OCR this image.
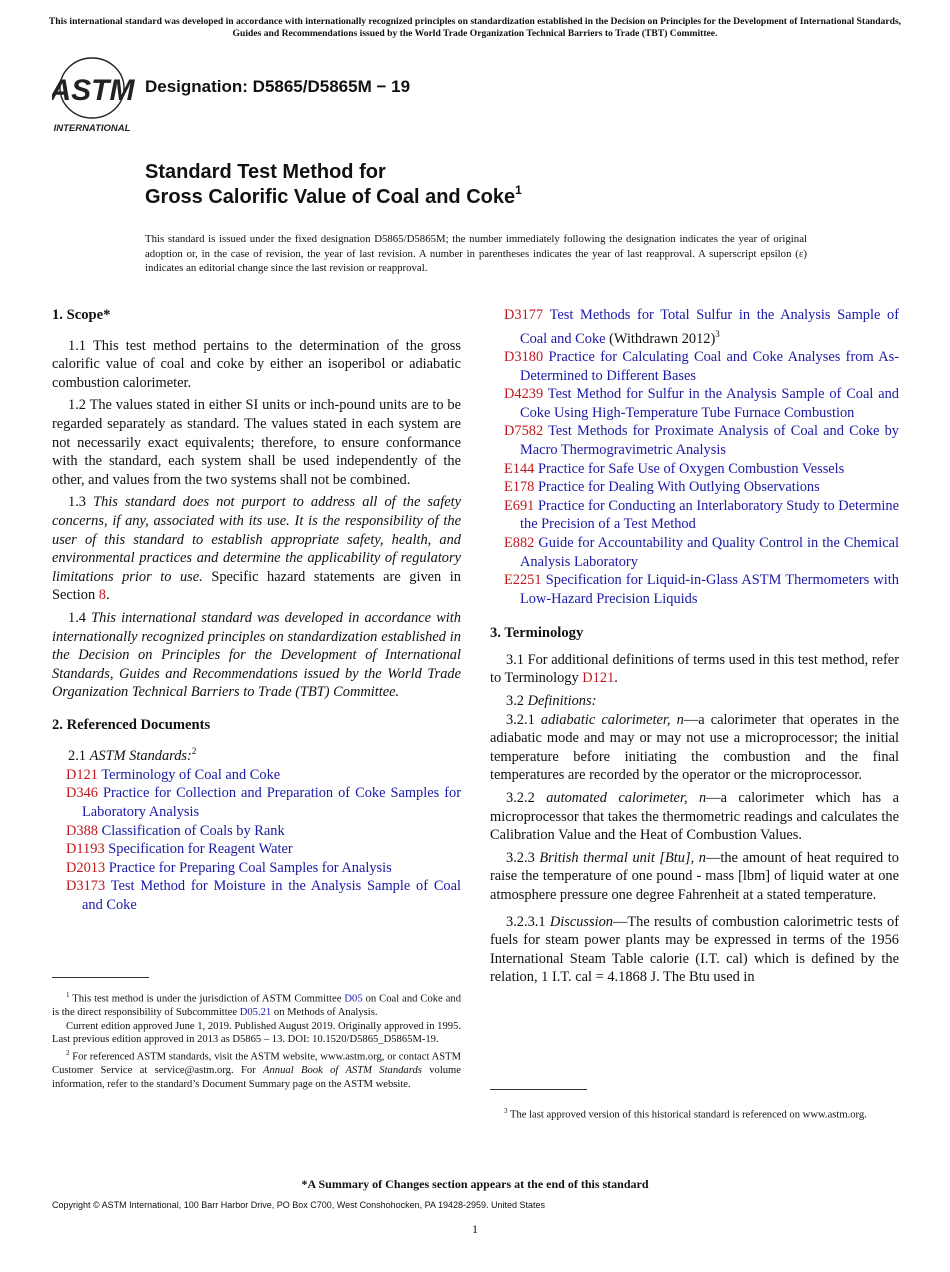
This international standard was developed in accordance with internationally recognized principles on standardization established in the Decision on Principles for the Development of International Standards, Guides and Recommendations issued by the World Trade Organization Technical Barriers to Trade (TBT) Committee.
ASTM
INTERNATIONAL
Designation: D5865/D5865M − 19
Standard Test Method for
Gross Calorific Value of Coal and Coke$^1$
This standard is issued under the fixed designation D5865/D5865M; the number immediately following the designation indicates the year of original adoption or, in the case of revision, the year of last revision. A number in parentheses indicates the year of last reapproval. A superscript epsilon (ε) indicates an editorial change since the last revision or reapproval.
1. Scope*
1.1 This test method pertains to the determination of the gross calorific value of coal and coke by either an isoperibol or adiabatic combustion calorimeter.
1.2 The values stated in either SI units or inch-pound units are to be regarded separately as standard. The values stated in each system are not necessarily exact equivalents; therefore, to ensure conformance with the standard, each system shall be used independently of the other, and values from the two systems shall not be combined.
1.3 This standard does not purport to address all of the safety concerns, if any, associated with its use. It is the responsibility of the user of this standard to establish appropriate safety, health, and environmental practices and determine the applicability of regulatory limitations prior to use. Specific hazard statements are given in Section 8.
1.4 This international standard was developed in accordance with internationally recognized principles on standardization established in the Decision on Principles for the Development of International Standards, Guides and Recommendations issued by the World Trade Organization Technical Barriers to Trade (TBT) Committee.
2. Referenced Documents
2.1 ASTM Standards:$^2$
D121 Terminology of Coal and Coke
D346 Practice for Collection and Preparation of Coke Samples for Laboratory Analysis
D388 Classification of Coals by Rank
D1193 Specification for Reagent Water
D2013 Practice for Preparing Coal Samples for Analysis
D3173 Test Method for Moisture in the Analysis Sample of Coal and Coke
D3177 Test Methods for Total Sulfur in the Analysis Sample of Coal and Coke (Withdrawn 2012)$^3$
D3180 Practice for Calculating Coal and Coke Analyses from As-Determined to Different Bases
D4239 Test Method for Sulfur in the Analysis Sample of Coal and Coke Using High-Temperature Tube Furnace Combustion
D7582 Test Methods for Proximate Analysis of Coal and Coke by Macro Thermogravimetric Analysis
E144 Practice for Safe Use of Oxygen Combustion Vessels
E178 Practice for Dealing With Outlying Observations
E691 Practice for Conducting an Interlaboratory Study to Determine the Precision of a Test Method
E882 Guide for Accountability and Quality Control in the Chemical Analysis Laboratory
E2251 Specification for Liquid-in-Glass ASTM Thermometers with Low-Hazard Precision Liquids
3. Terminology
3.1 For additional definitions of terms used in this test method, refer to Terminology D121.
3.2 Definitions:
3.2.1 adiabatic calorimeter, n—a calorimeter that operates in the adiabatic mode and may or may not use a microprocessor; the initial temperature before initiating the combustion and the final temperatures are recorded by the operator or the microprocessor.
3.2.2 automated calorimeter, n—a calorimeter which has a microprocessor that takes the thermometric readings and calculates the Calibration Value and the Heat of Combustion Values.
3.2.3 British thermal unit [Btu], n—the amount of heat required to raise the temperature of one pound - mass [lbm] of liquid water at one atmosphere pressure one degree Fahrenheit at a stated temperature.
3.2.3.1 Discussion—The results of combustion calorimetric tests of fuels for steam power plants may be expressed in terms of the 1956 International Steam Table calorie (I.T. cal) which is defined by the relation, 1 I.T. cal = 4.1868 J. The Btu used in

$^1$ This test method is under the jurisdiction of ASTM Committee D05 on Coal and Coke and is the direct responsibility of Subcommittee D05.21 on Methods of Analysis.

Current edition approved June 1, 2019. Published August 2019. Originally approved in 1995. Last previous edition approved in 2013 as D5865 – 13. DOI: 10.1520/D5865_D5865M-19.

$^2$ For referenced ASTM standards, visit the ASTM website, www.astm.org, or contact ASTM Customer Service at service@astm.org. For Annual Book of ASTM Standards volume information, refer to the standard’s Document Summary page on the ASTM website.

$^3$ The last approved version of this historical standard is referenced on www.astm.org.

*A Summary of Changes section appears at the end of this standard
Copyright © ASTM International, 100 Barr Harbor Drive, PO Box C700, West Conshohocken, PA 19428-2959. United States
1
